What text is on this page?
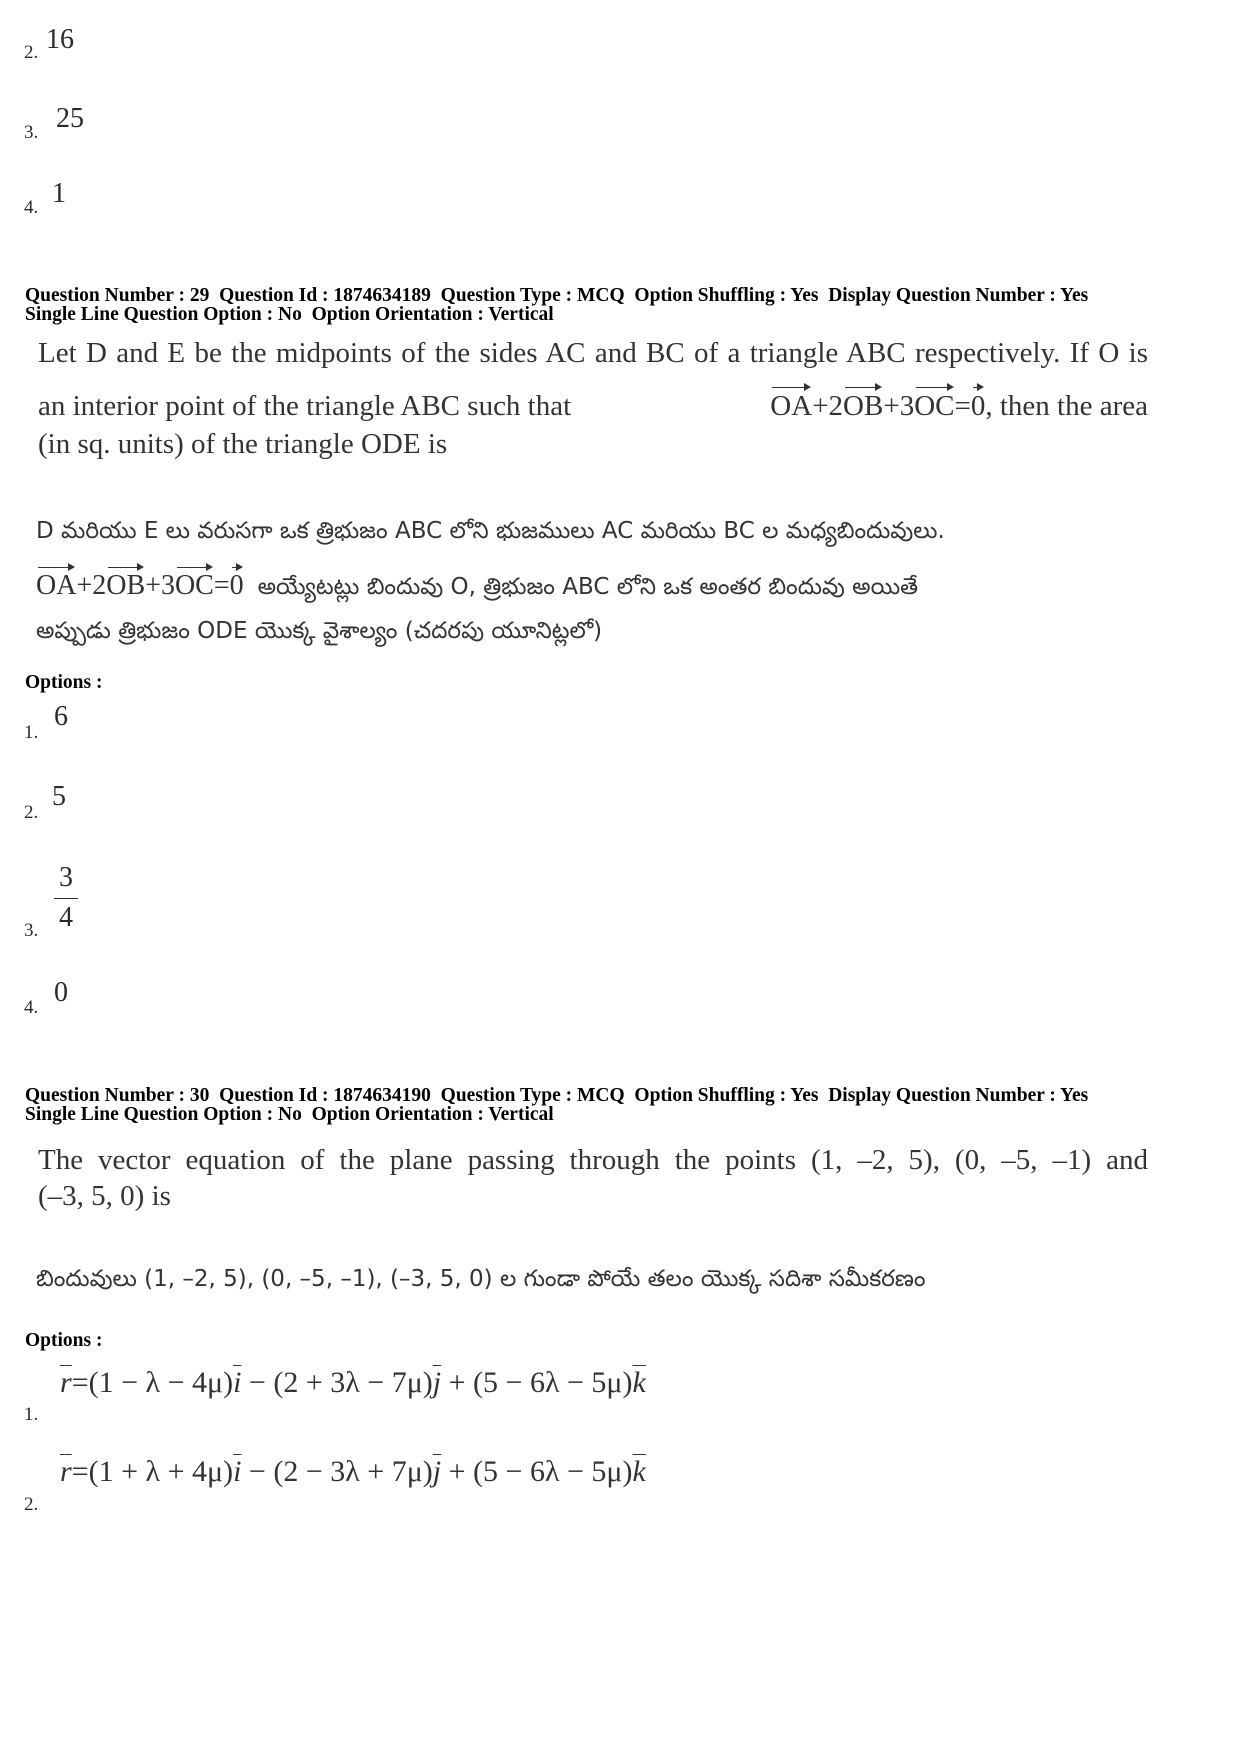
2. 16
3. 25
4. 1
Question Number : 29  Question Id : 1874634189  Question Type : MCQ  Option Shuffling : Yes  Display Question Number : Yes
Single Line Question Option : No  Option Orientation : Vertical
Let D and E be the midpoints of the sides AC and BC of a triangle ABC respectively. If O is
an interior point of the triangle ABC such that	OA+2OB+3OC=0, then the area
(in sq. units) of the triangle ODE is
D మరియు E లు వరుసగా ఒక త్రిభుజం ABC లోని భుజములు AC మరియు BC ల మధ్యబిందువులు.
OA+2OB+3OC=0 అయ్యేటట్లు బిందువు O, త్రిభుజం ABC లోని ఒక అంతర బిందువు అయితే
అప్పుడు త్రిభుజం ODE యొక్క వైశాల్యం (చదరపు యూనిట్లలో)
Options :
1.
6
2.
5
3.
3
4
4. 0
Question Number : 30  Question Id : 1874634190  Question Type : MCQ  Option Shuffling : Yes  Display Question Number : Yes
Single Line Question Option : No  Option Orientation : Vertical
The vector equation of the plane passing through the points (1, –2, 5), (0, –5, –1) and
(–3, 5, 0) is
బిందువులు (1, –2, 5), (0, –5, –1), (–3, 5, 0) ల గుండా పోయే తలం యొక్క సదిశా సమీకరణం
Options :
1.
$\overline{r}=(1 - \lambda - 4\mu)\overline{i} - (2 + 3\lambda - 7\mu)\overline{j} + (5 - 6\lambda - 5\mu)\overline{k}$
2.
$\overline{r}=(1 + \lambda + 4\mu)\overline{i} - (2 - 3\lambda + 7\mu)\overline{j} + (5 - 6\lambda - 5\mu)\overline{k}$
